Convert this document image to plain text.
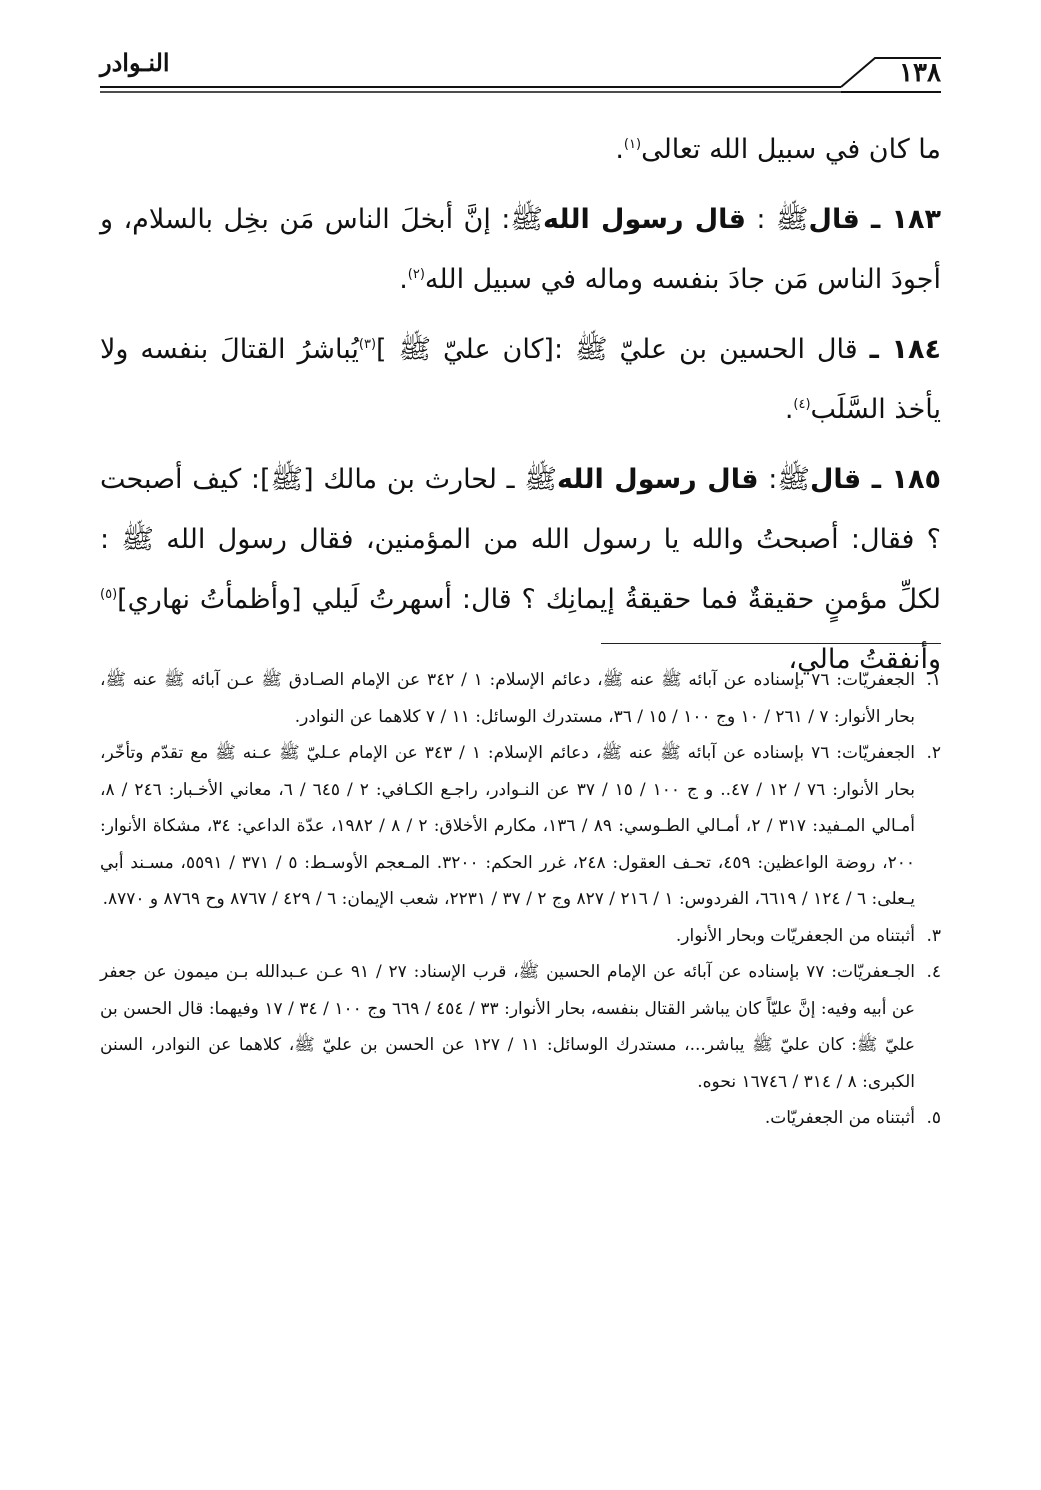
النـوادر	١٣٨

ما كان في سبيل الله تعالى$^{(١)}$.

١٨٣ ـ قالﷺ : قال رسول اللهﷺ: إنَّ أبخلَ الناس مَن بخِل بالسلام، و أجودَ الناس مَن جادَ بنفسه وماله في سبيل الله$^{(٢)}$.

١٨٤ ـ قال الحسين بن عليّ ﷺ :[كان عليّ ﷺ ]$^{(٣)}$يُباشرُ القتالَ بنفسه ولا يأخذ السَّلَب$^{(٤)}$.

١٨٥ ـ قالﷺ: قال رسول اللهﷺ ـ لحارث بن مالك [ﷺ]: كيف أصبحت ؟ فقال: أصبحتُ والله يا رسول الله من المؤمنين، فقال رسول الله ﷺ : لكلِّ مؤمنٍ حقيقةٌ فما حقيقةُ إيمانِك ؟ قال: أسهرتُ لَيلي [وأظمأتُ نهاري]$^{(٥)}$ وأنفقتُ مالي،

١.
الجعفريّات: ٧٦ بإسناده عن آبائه ﷺ عنه ﷺ، دعائم الإسلام: ١ / ٣٤٢ عن الإمام الصـادق ﷺ عـن آبائه ﷺ عنه ﷺ، بحار الأنوار: ٧ / ٢٦١ / ١٠ وج ١٠٠ / ١٥ / ٣٦، مستدرك الوسائل: ١١ / ٧ كلاهما عن النوادر.
٢.
الجعفريّات: ٧٦ بإسناده عن آبائه ﷺ عنه ﷺ، دعائم الإسلام: ١ / ٣٤٣ عن الإمام عـليّ ﷺ عـنه ﷺ مع تقدّم وتأخّر، بحار الأنوار: ٧٦ / ١٢ / ٤٧.. و ج ١٠٠ / ١٥ / ٣٧ عن النـوادر، راجـع الكـافي: ٢ / ٦٤٥ / ٦، معاني الأخـبار: ٢٤٦ / ٨، أمـالي المـفيد: ٣١٧ / ٢، أمـالي الطـوسي: ٨٩ / ١٣٦، مكارم الأخلاق: ٢ / ٨ / ١٩٨٢، عدّة الداعي: ٣٤، مشكاة الأنوار: ٢٠٠، روضة الواعظين: ٤٥٩، تحـف العقول: ٢٤٨، غرر الحكم: ٣٢٠٠. المـعجم الأوسـط: ٥ / ٣٧١ / ٥٥٩١، مسـند أبي يـعلى: ٦ / ١٢٤ / ٦٦١٩، الفردوس: ١ / ٢١٦ / ٨٢٧ وج ٢ / ٣٧ / ٢٢٣١، شعب الإيمان: ٦ / ٤٢٩ / ٨٧٦٧ وح ٨٧٦٩ و ٨٧٧٠.
٣.
أثبتناه من الجعفريّات وبحار الأنوار.
٤.
الجـعفريّات: ٧٧ بإسناده عن آبائه عن الإمام الحسين ﷺ، قرب الإسناد: ٢٧ / ٩١ عـن عـبدالله بـن ميمون عن جعفر عن أبيه وفيه: إنَّ عليّاً كان يباشر القتال بنفسه، بحار الأنوار: ٣٣ / ٤٥٤ / ٦٦٩ وج ١٠٠ / ٣٤ / ١٧ وفيهما: قال الحسن بن عليّ ﷺ: كان عليّ ﷺ يباشر...، مستدرك الوسائل: ١١ / ١٢٧ عن الحسن بن عليّ ﷺ، كلاهما عن النوادر، السنن الكبرى: ٨ / ٣١٤ / ١٦٧٤٦ نحوه.
٥.
أثبتناه من الجعفريّات.
